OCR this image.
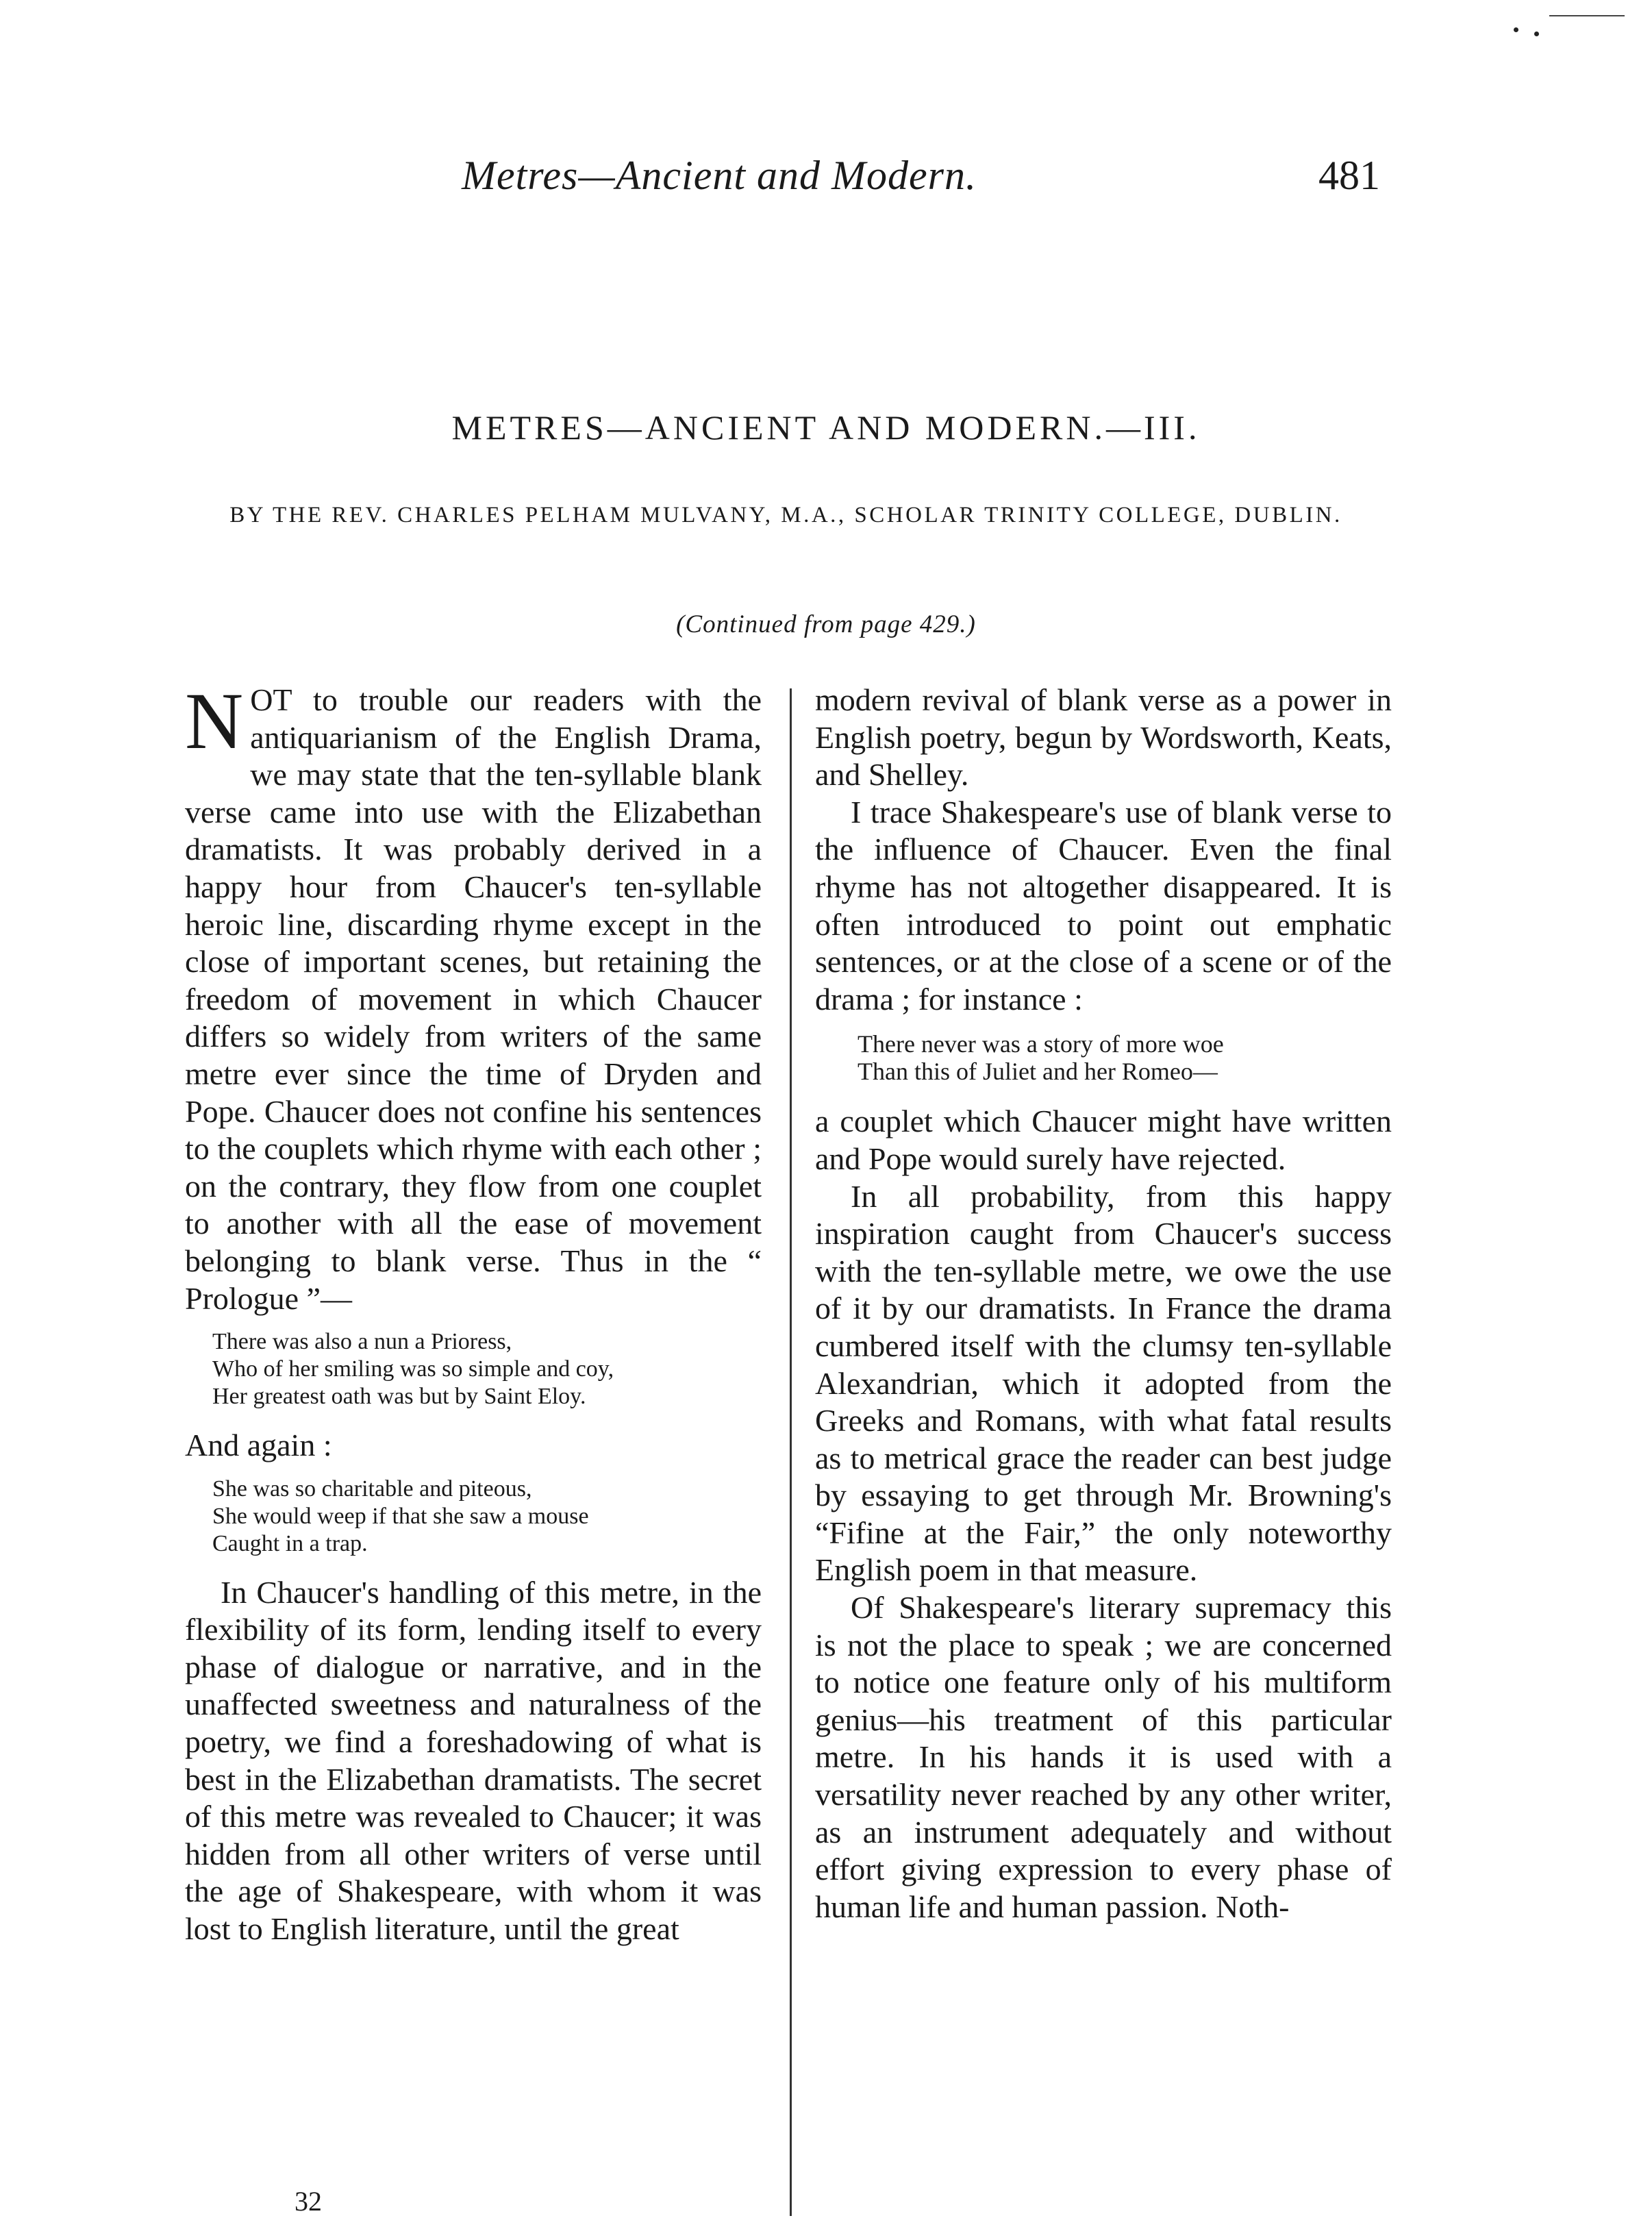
Metres—Ancient and Modern.	481
METRES—ANCIENT AND MODERN.—III.
BY THE REV. CHARLES PELHAM MULVANY, M.A., SCHOLAR TRINITY COLLEGE, DUBLIN.
(Continued from page 429.)

NOT to trouble our readers with the antiquarianism of the English Drama, we may state that the ten-syllable blank verse came into use with the Elizabethan dramatists. It was probably derived in a happy hour from Chaucer's ten-syllable heroic line, discarding rhyme except in the close of important scenes, but retaining the freedom of movement in which Chaucer differs so widely from writers of the same metre ever since the time of Dryden and Pope. Chaucer does not confine his sentences to the couplets which rhyme with each other ; on the contrary, they flow from one couplet to another with all the ease of movement belonging to blank verse. Thus in the “ Prologue ”—

There was also a nun a Prioress,
Who of her smiling was so simple and coy,
Her greatest oath was but by Saint Eloy.

And again :

She was so charitable and piteous,
She would weep if that she saw a mouse
Caught in a trap.

In Chaucer's handling of this metre, in the flexibility of its form, lending itself to every phase of dialogue or narrative, and in the unaffected sweetness and naturalness of the poetry, we find a foreshadowing of what is best in the Elizabethan dramatists. The secret of this metre was revealed to Chaucer; it was hidden from all other writers of verse until the age of Shakespeare, with whom it was lost to English literature, until the great

modern revival of blank verse as a power in English poetry, begun by Wordsworth, Keats, and Shelley.

I trace Shakespeare's use of blank verse to the influence of Chaucer. Even the final rhyme has not altogether disappeared. It is often introduced to point out emphatic sentences, or at the close of a scene or of the drama ; for instance :

There never was a story of more woe
Than this of Juliet and her Romeo—

a couplet which Chaucer might have written and Pope would surely have rejected.

In all probability, from this happy inspiration caught from Chaucer's success with the ten-syllable metre, we owe the use of it by our dramatists. In France the drama cumbered itself with the clumsy ten-syllable Alexandrian, which it adopted from the Greeks and Romans, with what fatal results as to metrical grace the reader can best judge by essaying to get through Mr. Browning's “Fifine at the Fair,” the only noteworthy English poem in that measure.

Of Shakespeare's literary supremacy this is not the place to speak ; we are concerned to notice one feature only of his multiform genius—his treatment of this particular metre. In his hands it is used with a versatility never reached by any other writer, as an instrument adequately and without effort giving expression to every phase of human life and human passion. Noth-

32
